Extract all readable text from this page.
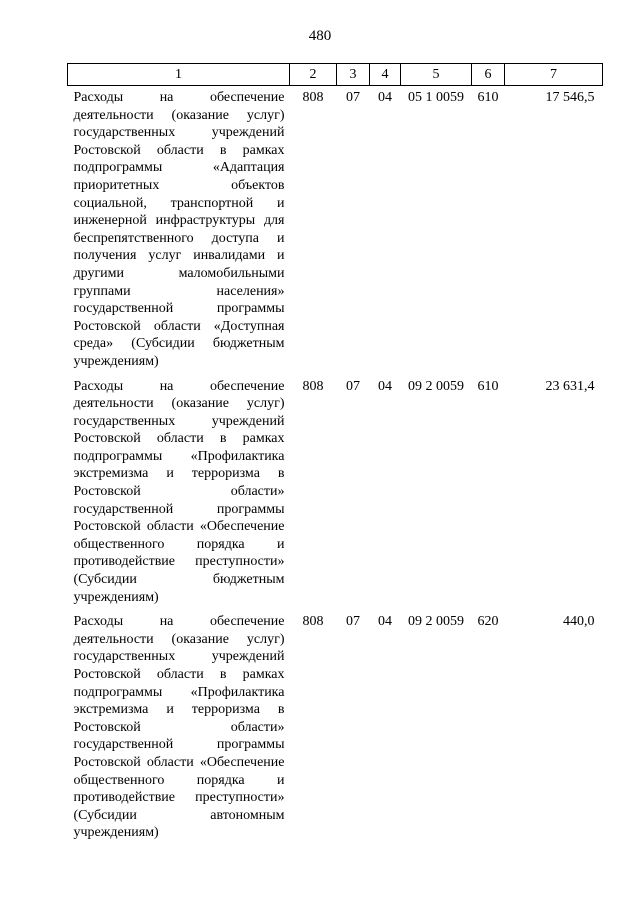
480
1	2	3	4	5	6	7
Расходы на обеспечение деятельности (оказание услуг) государственных учреждений Ростовской области в рамках подпрограммы «Адаптация приоритетных объектов социальной, транспортной и инженерной инфраструктуры для беспрепятственного доступа и получения услуг инвалидами и другими маломобильными группами населения» государственной программы Ростовской области «Доступная среда» (Субсидии бюджетным учреждениям)	808	07	04	05 1 0059	610	17 546,5
Расходы на обеспечение деятельности (оказание услуг) государственных учреждений Ростовской области в рамках подпрограммы «Профилактика экстремизма и терроризма в Ростовской области» государственной программы Ростовской области «Обеспечение общественного порядка и противодействие преступности» (Субсидии бюджетным учреждениям)	808	07	04	09 2 0059	610	23 631,4
Расходы на обеспечение деятельности (оказание услуг) государственных учреждений Ростовской области в рамках подпрограммы «Профилактика экстремизма и терроризма в Ростовской области» государственной программы Ростовской области «Обеспечение общественного порядка и противодействие преступности» (Субсидии автономным учреждениям)	808	07	04	09 2 0059	620	440,0
